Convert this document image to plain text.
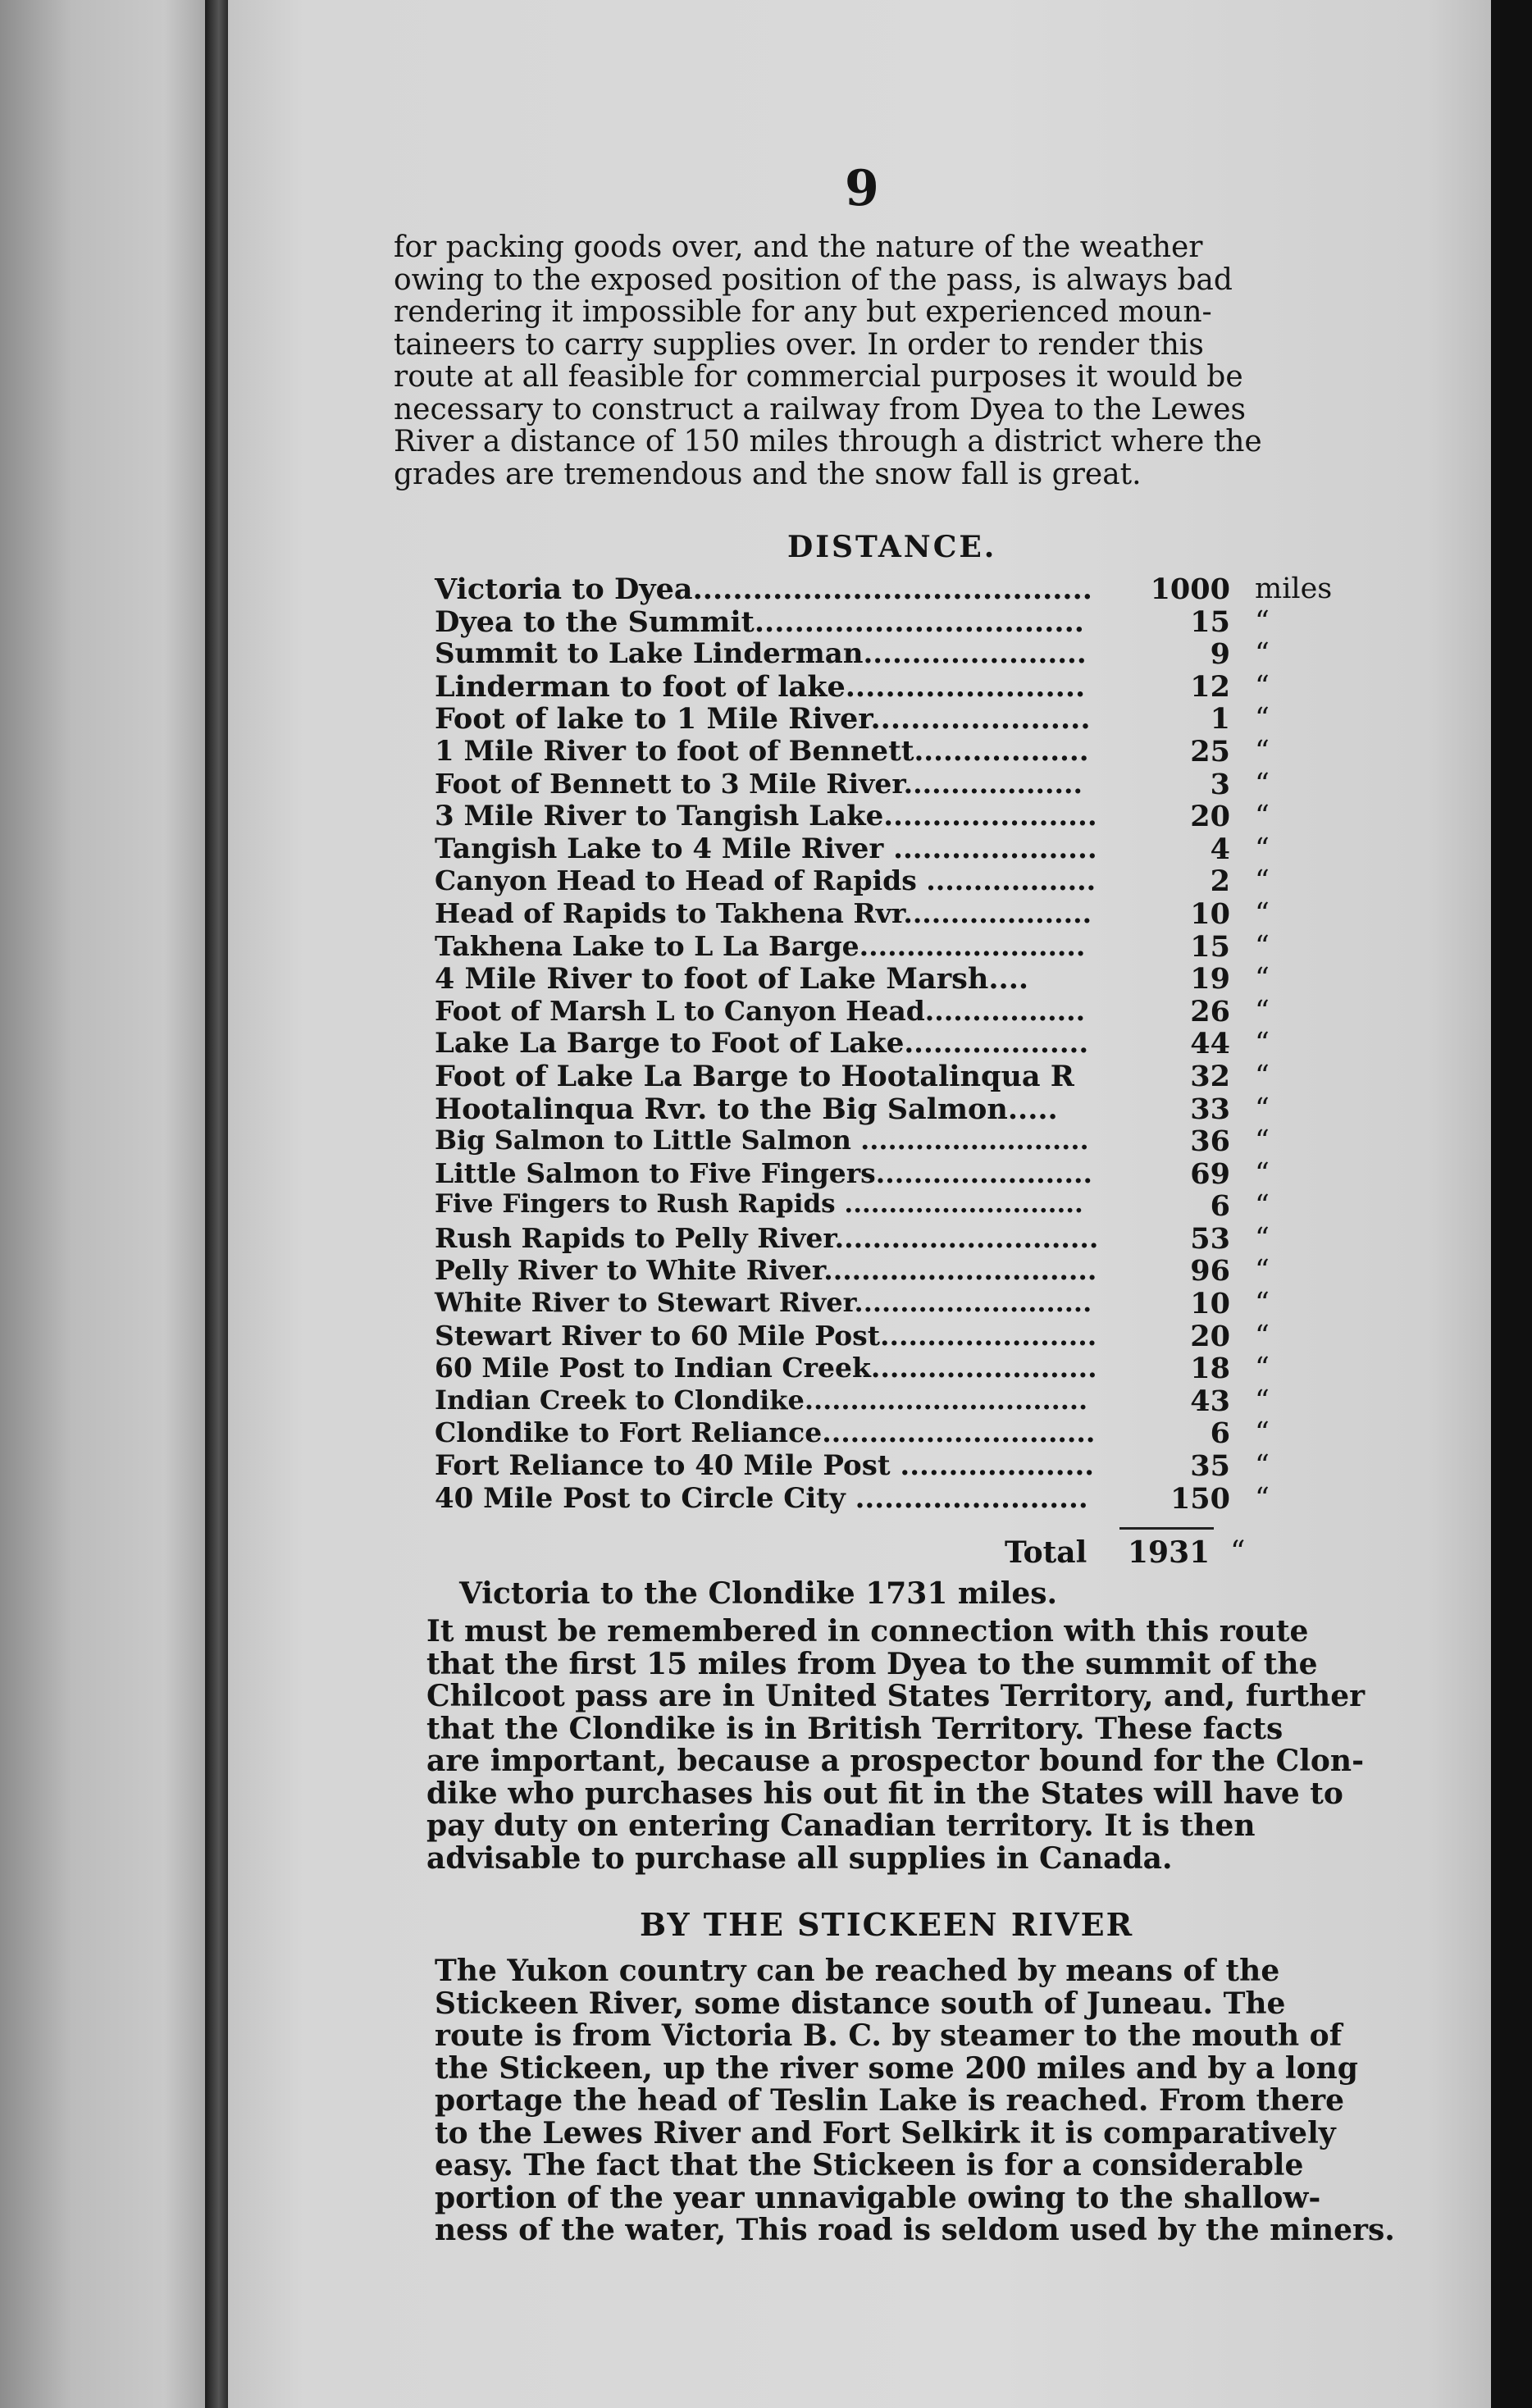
9

for packing goods over, and the nature of the weather
owing to the exposed position of the pass, is always bad
rendering it impossible for any but experienced moun-
taineers to carry supplies over. In order to render this
route at all feasible for commercial purposes it would be
necessary to construct a railway from Dyea to the Lewes
River a distance of 150 miles through a district where the
grades are tremendous and the snow fall is great.

DISTANCE.
Victoria to Dyea........................................	1000 miles
Dyea to the Summit.................................	15 “
Summit to Lake Linderman.......................	9 “
Linderman to foot of lake........................	12 “
Foot of lake to 1 Mile River......................	1 “
1 Mile River to foot of Bennett..................	25 “
Foot of Bennett to 3 Mile River...................	3 “
3 Mile River to Tangish Lake......................	20 “
Tangish Lake to 4 Mile River .....................	4 “
Canyon Head to Head of Rapids ..................	2 “
Head of Rapids to Takhena Rvr....................	10 “
Takhena Lake to L La Barge........................	15 “
4 Mile River to foot of Lake Marsh....	19 “
Foot of Marsh L to Canyon Head.................	26 “
Lake La Barge to Foot of Lake...................	44 “
Foot of Lake La Barge to Hootalinqua R	32 “
Hootalinqua Rvr. to the Big Salmon.....	33 “
Big Salmon to Little Salmon .........................	36 “
Little Salmon to Five Fingers.......................	69 “
Five Fingers to Rush Rapids ...........................	6 “
Rush Rapids to Pelly River............................	53 “
Pelly River to White River.............................	96 “
White River to Stewart River..........................	10 “
Stewart River to 60 Mile Post.......................	20 “
60 Mile Post to Indian Creek........................	18 “
Indian Creek to Clondike...............................	43 “
Clondike to Fort Reliance.............................	6 “
Fort Reliance to 40 Mile Post ....................	35 “
40 Mile Post to Circle City ........................	150 “
Total 1931 “
Victoria to the Clondike 1731 miles.

It must be remembered in connection with this route
that the first 15 miles from Dyea to the summit of the
Chilcoot pass are in United States Territory, and, further
that the Clondike is in British Territory. These facts
are important, because a prospector bound for the Clon-
dike who purchases his out fit in the States will have to
pay duty on entering Canadian territory. It is then
advisable to purchase all supplies in Canada.

BY THE STICKEEN RIVER

The Yukon country can be reached by means of the
Stickeen River, some distance south of Juneau. The
route is from Victoria B. C. by steamer to the mouth of
the Stickeen, up the river some 200 miles and by a long
portage the head of Teslin Lake is reached. From there
to the Lewes River and Fort Selkirk it is comparatively
easy. The fact that the Stickeen is for a considerable
portion of the year unnavigable owing to the shallow-
ness of the water, This road is seldom used by the miners.
